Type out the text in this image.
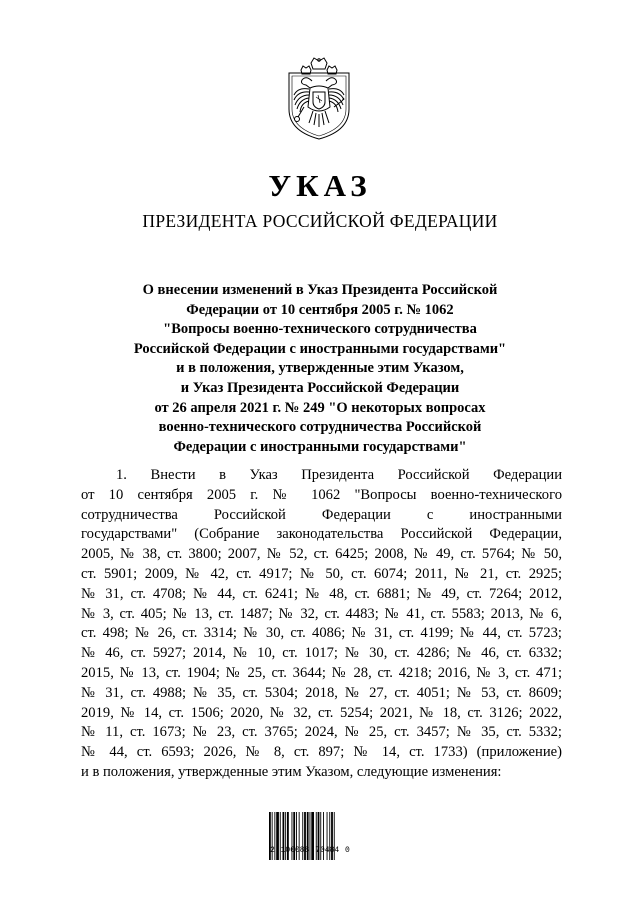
УКАЗ
ПРЕЗИДЕНТА РОССИЙСКОЙ ФЕДЕРАЦИИ
О внесении изменений в Указ Президента Российской
Федерации от 10 сентября 2005 г. № 1062
"Вопросы военно-технического сотрудничества
Российской Федерации с иностранными государствами"
и в положения, утвержденные этим Указом,
и Указ Президента Российской Федерации
от 26 апреля 2021 г. № 249 "О некоторых вопросах
военно-технического сотрудничества Российской
Федерации с иностранными государствами"
1. Внести в Указ Президента Российской Федерации
от 10 сентября 2005 г. № 1062 "Вопросы военно-технического
сотрудничества Российской Федерации с иностранными
государствами" (Собрание законодательства Российской Федерации,
2005, № 38, ст. 3800; 2007, № 52, ст. 6425; 2008, № 49, ст. 5764; № 50,
ст. 5901; 2009, № 42, ст. 4917; № 50, ст. 6074; 2011, № 21, ст. 2925;
№ 31, ст. 4708; № 44, ст. 6241; № 48, ст. 6881; № 49, ст. 7264; 2012,
№ 3, ст. 405; № 13, ст. 1487; № 32, ст. 4483; № 41, ст. 5583; 2013, № 6,
ст. 498; № 26, ст. 3314; № 30, ст. 4086; № 31, ст. 4199; № 44, ст. 5723;
№ 46, ст. 5927; 2014, № 10, ст. 1017; № 30, ст. 4286; № 46, ст. 6332;
2015, № 13, ст. 1904; № 25, ст. 3644; № 28, ст. 4218; 2016, № 3, ст. 471;
№ 31, ст. 4988; № 35, ст. 5304; 2018, № 27, ст. 4051; № 53, ст. 8609;
2019, № 14, ст. 1506; 2020, № 32, ст. 5254; 2021, № 18, ст. 3126; 2022,
№ 11, ст. 1673; № 23, ст. 3765; 2024, № 25, ст. 3457; № 35, ст. 5332;
№ 44, ст. 6593; 2026, № 8, ст. 897; № 14, ст. 1733) (приложение)
и в положения, утвержденные этим Указом, следующие изменения:
2 100088 70484 0
